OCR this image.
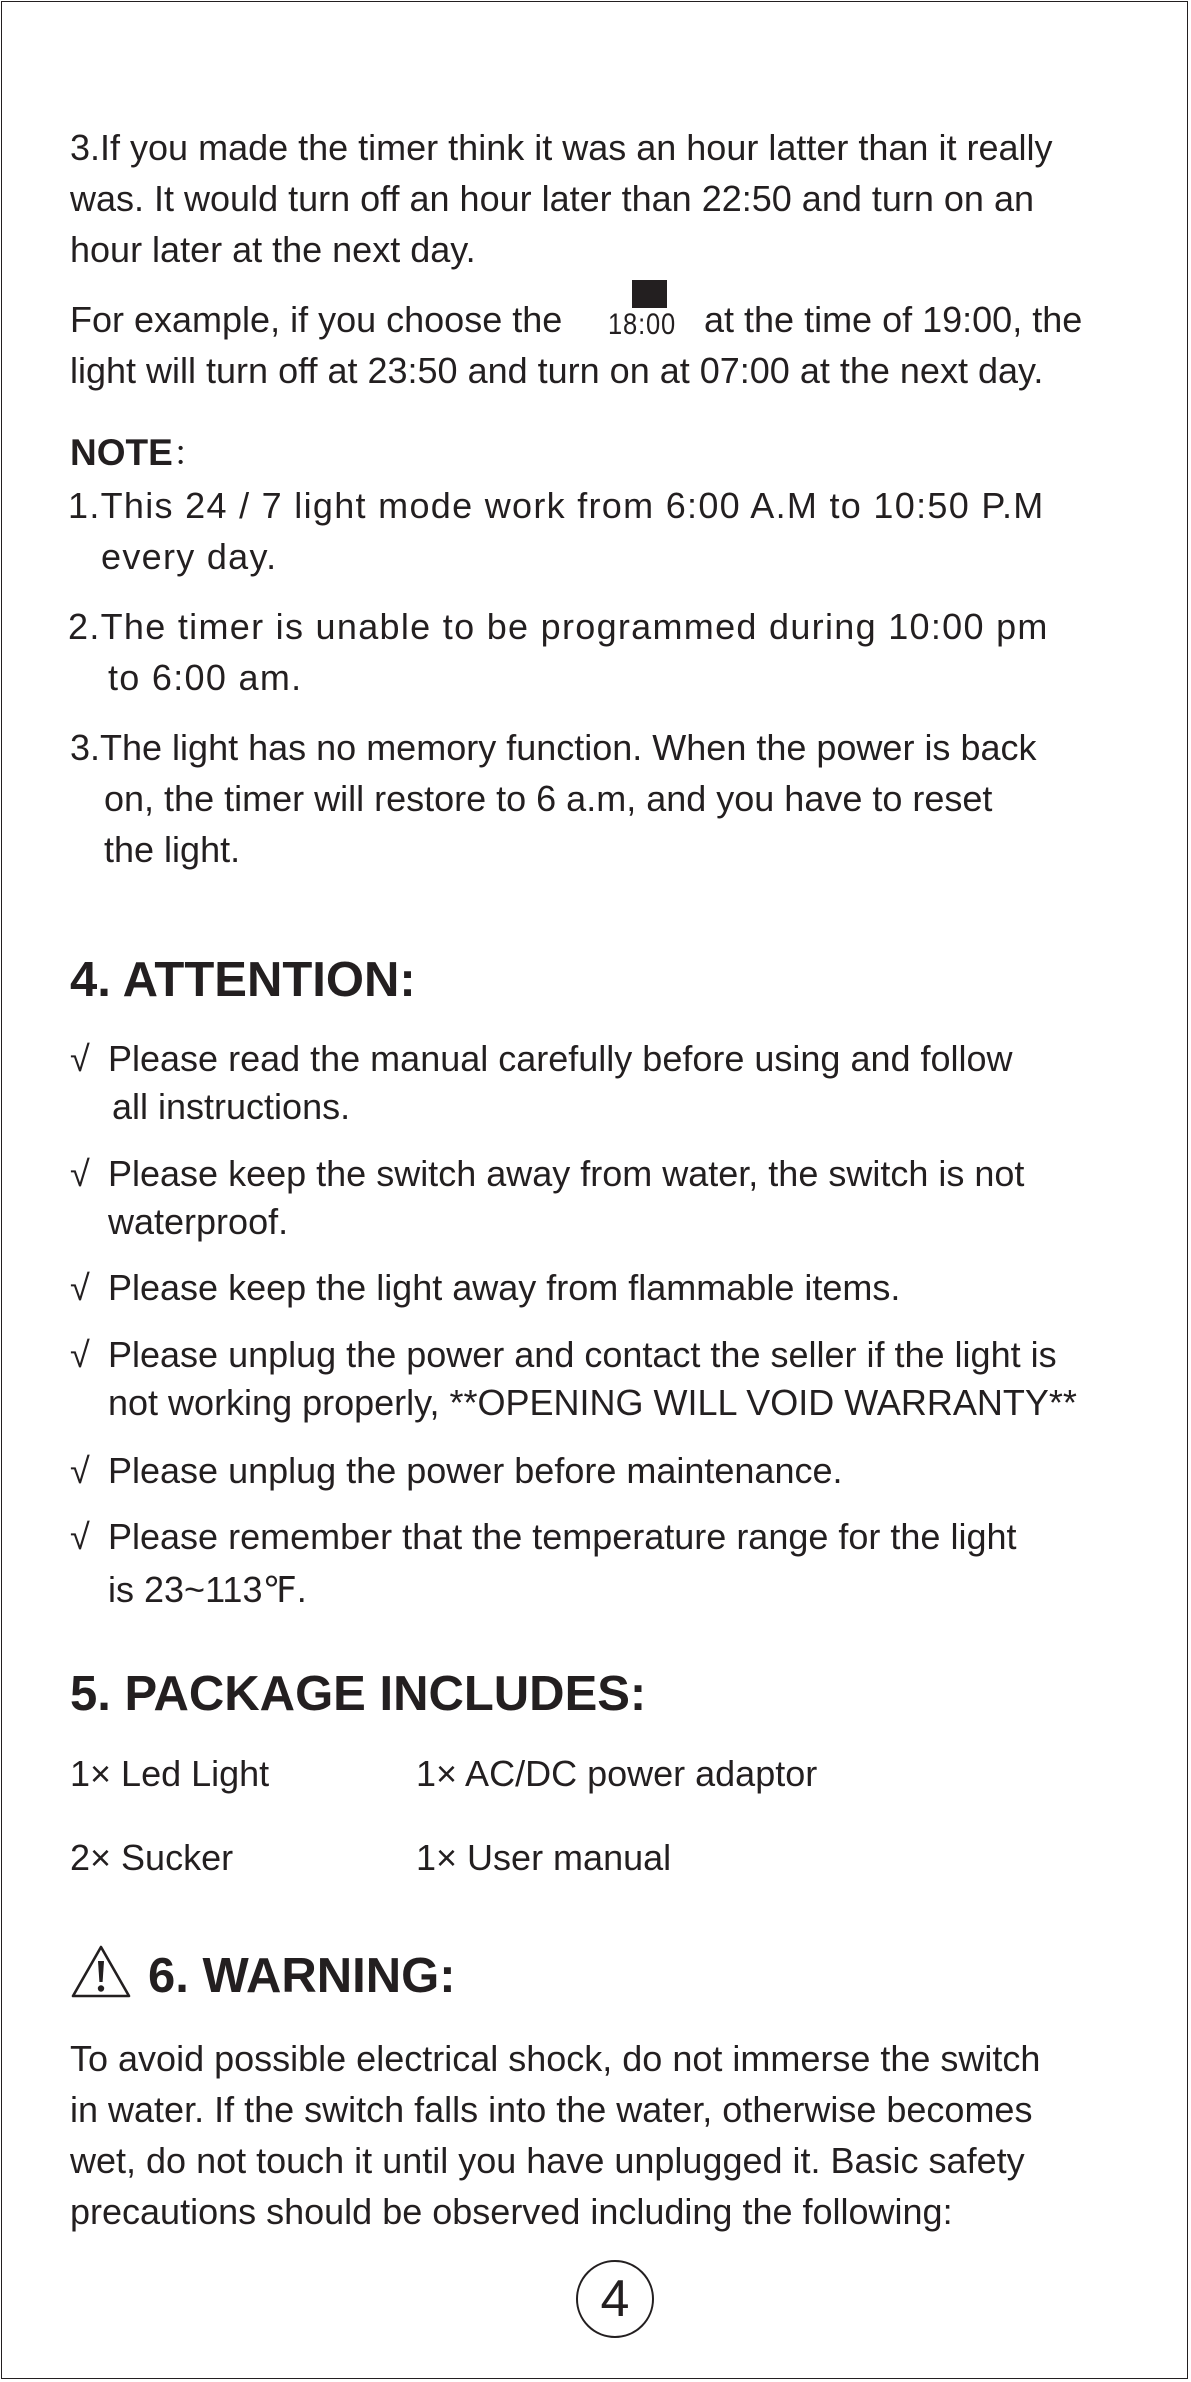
3.If you made the timer think it was an hour latter than it really
was. It would turn off an hour later than 22:50 and turn on an
hour later at the next day.
For example, if you choose the 18:00 at the time of 19:00, the
light will turn off at 23:50 and turn on at 07:00 at the next day.
NOTE：
1.This 24 / 7 light mode work from 6:00 A.M to 10:50 P.M
every day.
2.The timer is unable to be programmed during 10:00 pm
to 6:00 am.
3.The light has no memory function. When the power is back
on, the timer will restore to 6 a.m, and you have to reset
the light.
4. ATTENTION:
√ Please read the manual carefully before using and follow
all instructions.
√ Please keep the switch away from water, the switch is not
waterproof.
√ Please keep the light away from flammable items.
√ Please unplug the power and contact the seller if the light is
not working properly, **OPENING WILL VOID WARRANTY**
√ Please unplug the power before maintenance.
√ Please remember that the temperature range for the light
is 23~113℉.
5. PACKAGE INCLUDES:
1× Led Light	1× AC/DC power adaptor
2× Sucker	1× User manual
6. WARNING:
To avoid possible electrical shock, do not immerse the switch
in water. If the switch falls into the water, otherwise becomes
wet, do not touch it until you have unplugged it. Basic safety
precautions should be observed including the following:
4
